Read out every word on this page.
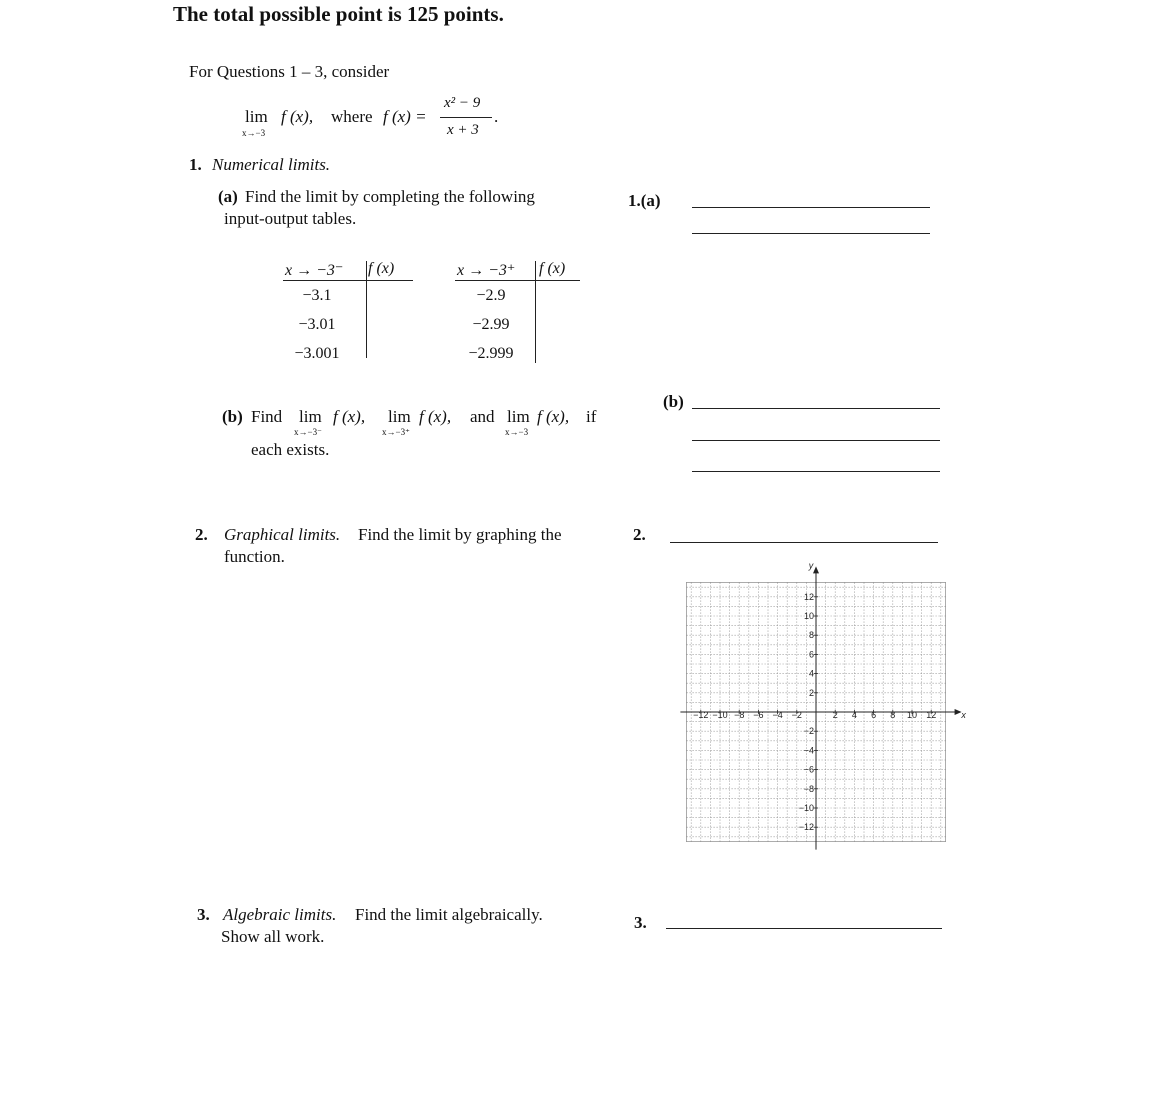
The total possible point is 125 points.
For Questions 1 – 3, consider
lim
x→−3
f (x), where f (x) =
x² − 9
x + 3
.
1. Numerical limits.
(a) Find the limit by completing the following
input-output tables.
1.(a)
x → −3⁻ f (x)
−3.1
−3.01
−3.001
x → −3⁺ f (x)
−2.9
−2.99
−2.999
(b) Find lim
x→−3⁻
f (x), lim
x→−3⁺
f (x), and lim
x→−3
f (x), if
each exists.
(b)
2. Graphical limits. Find the limit by graphing the
function.
2.
x
y
−12 −10 −8 −6 −4 −2	2 4 6 8 10 12
12
10
8
6
4
2
−2
−4
−6
−8
−10
−12
3. Algebraic limits. Find the limit algebraically.
Show all work.
3.
